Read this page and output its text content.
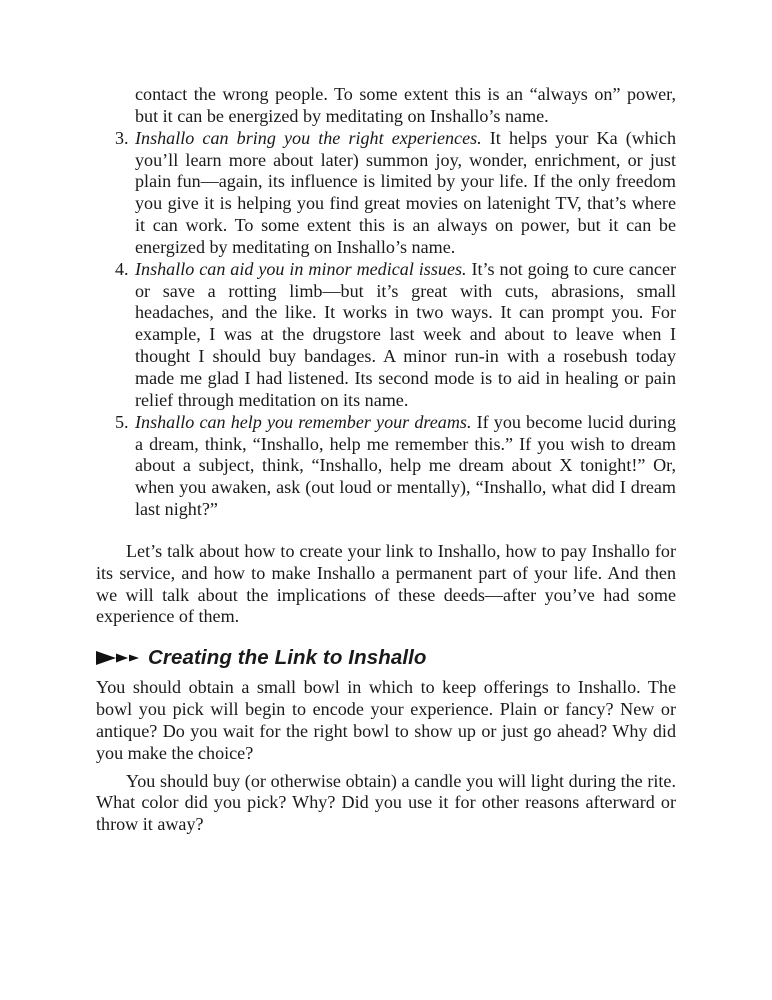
contact the wrong people. To some extent this is an “always on” power, but it can be energized by meditating on Inshallo’s name.
3. Inshallo can bring you the right experiences. It helps your Ka (which you’ll learn more about later) summon joy, wonder, enrichment, or just plain fun—again, its influence is limited by your life. If the only freedom you give it is helping you find great movies on latenight TV, that’s where it can work. To some extent this is an always on power, but it can be energized by meditating on Inshallo’s name.
4. Inshallo can aid you in minor medical issues. It’s not going to cure cancer or save a rotting limb—but it’s great with cuts, abrasions, small headaches, and the like. It works in two ways. It can prompt you. For example, I was at the drugstore last week and about to leave when I thought I should buy bandages. A minor run-in with a rosebush today made me glad I had listened. Its second mode is to aid in healing or pain relief through meditation on its name.
5. Inshallo can help you remember your dreams. If you become lucid during a dream, think, “Inshallo, help me remember this.” If you wish to dream about a subject, think, “Inshallo, help me dream about X tonight!” Or, when you awaken, ask (out loud or mentally), “Inshallo, what did I dream last night?”

Let’s talk about how to create your link to Inshallo, how to pay Inshallo for its service, and how to make Inshallo a permanent part of your life. And then we will talk about the implications of these deeds—after you’ve had some experience of them.

Creating the Link to Inshallo

You should obtain a small bowl in which to keep offerings to Inshallo. The bowl you pick will begin to encode your experience. Plain or fancy? New or antique? Do you wait for the right bowl to show up or just go ahead? Why did you make the choice?

You should buy (or otherwise obtain) a candle you will light during the rite. What color did you pick? Why? Did you use it for other reasons afterward or throw it away?
